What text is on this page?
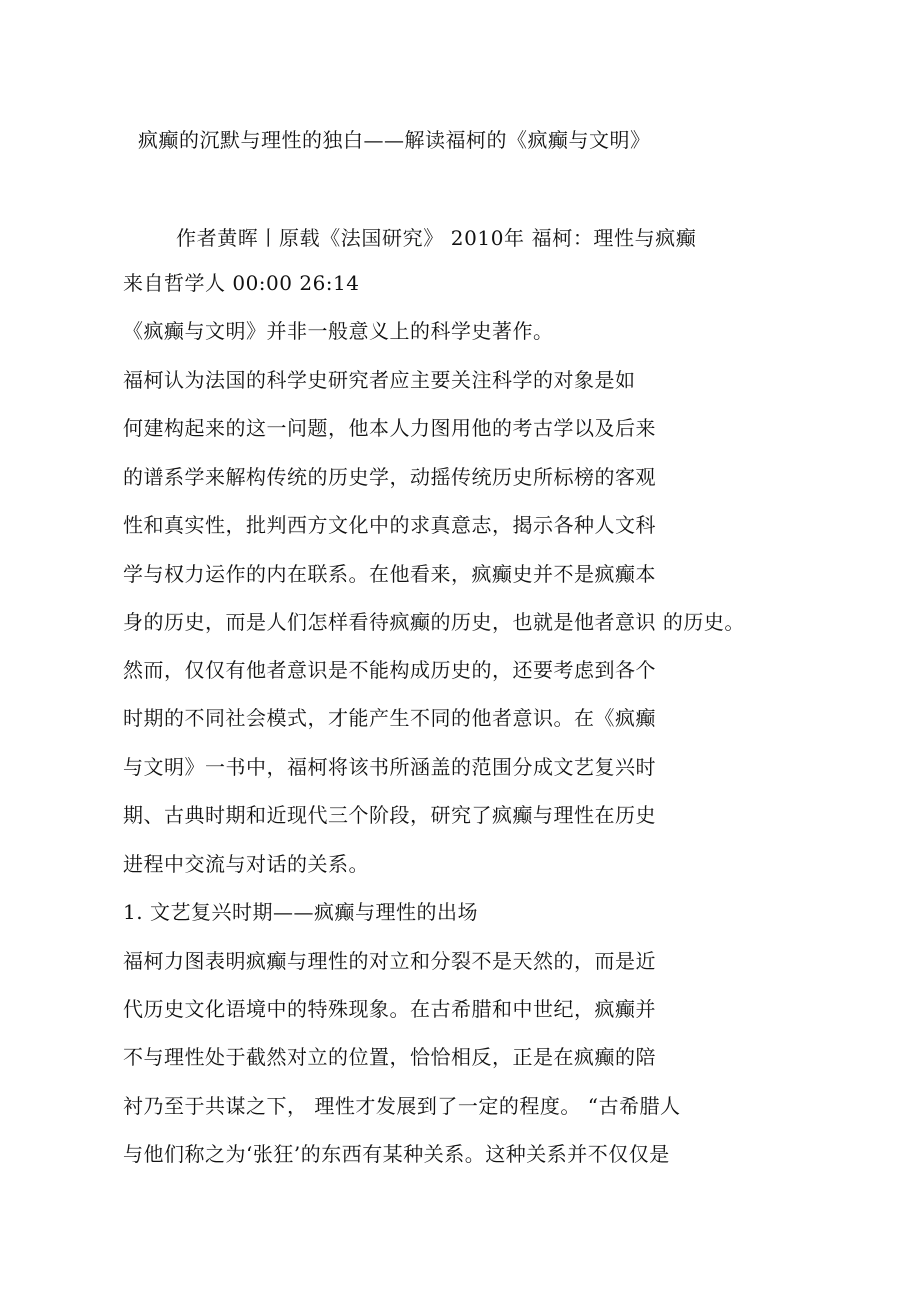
疯癫的沉默与理性的独白——解读福柯的《疯癫与文明》
作者黄晖丨原载《法国研究》 2010年 福柯：理性与疯癫
来自哲学人 00:00 26:14
《疯癫与文明》并非一般意义上的科学史著作。
福柯认为法国的科学史研究者应主要关注科学的对象是如
何建构起来的这一问题，他本人力图用他的考古学以及后来
的谱系学来解构传统的历史学，动摇传统历史所标榜的客观
性和真实性，批判西方文化中的求真意志，揭示各种人文科
学与权力运作的内在联系。在他看来，疯癫史并不是疯癫本
身的历史，而是人们怎样看待疯癫的历史，也就是他者意识 的历史。
然而，仅仅有他者意识是不能构成历史的，还要考虑到各个
时期的不同社会模式，才能产生不同的他者意识。在《疯癫
与文明》一书中，福柯将该书所涵盖的范围分成文艺复兴时
期、古典时期和近现代三个阶段，研究了疯癫与理性在历史
进程中交流与对话的关系。
1. 文艺复兴时期——疯癫与理性的出场
福柯力图表明疯癫与理性的对立和分裂不是天然的，而是近
代历史文化语境中的特殊现象。在古希腊和中世纪，疯癫并
不与理性处于截然对立的位置，恰恰相反，正是在疯癫的陪
衬乃至于共谋之下， 理性才发展到了一定的程度。 “古希腊人
与他们称之为‘张狂’的东西有某种关系。这种关系并不仅仅是
